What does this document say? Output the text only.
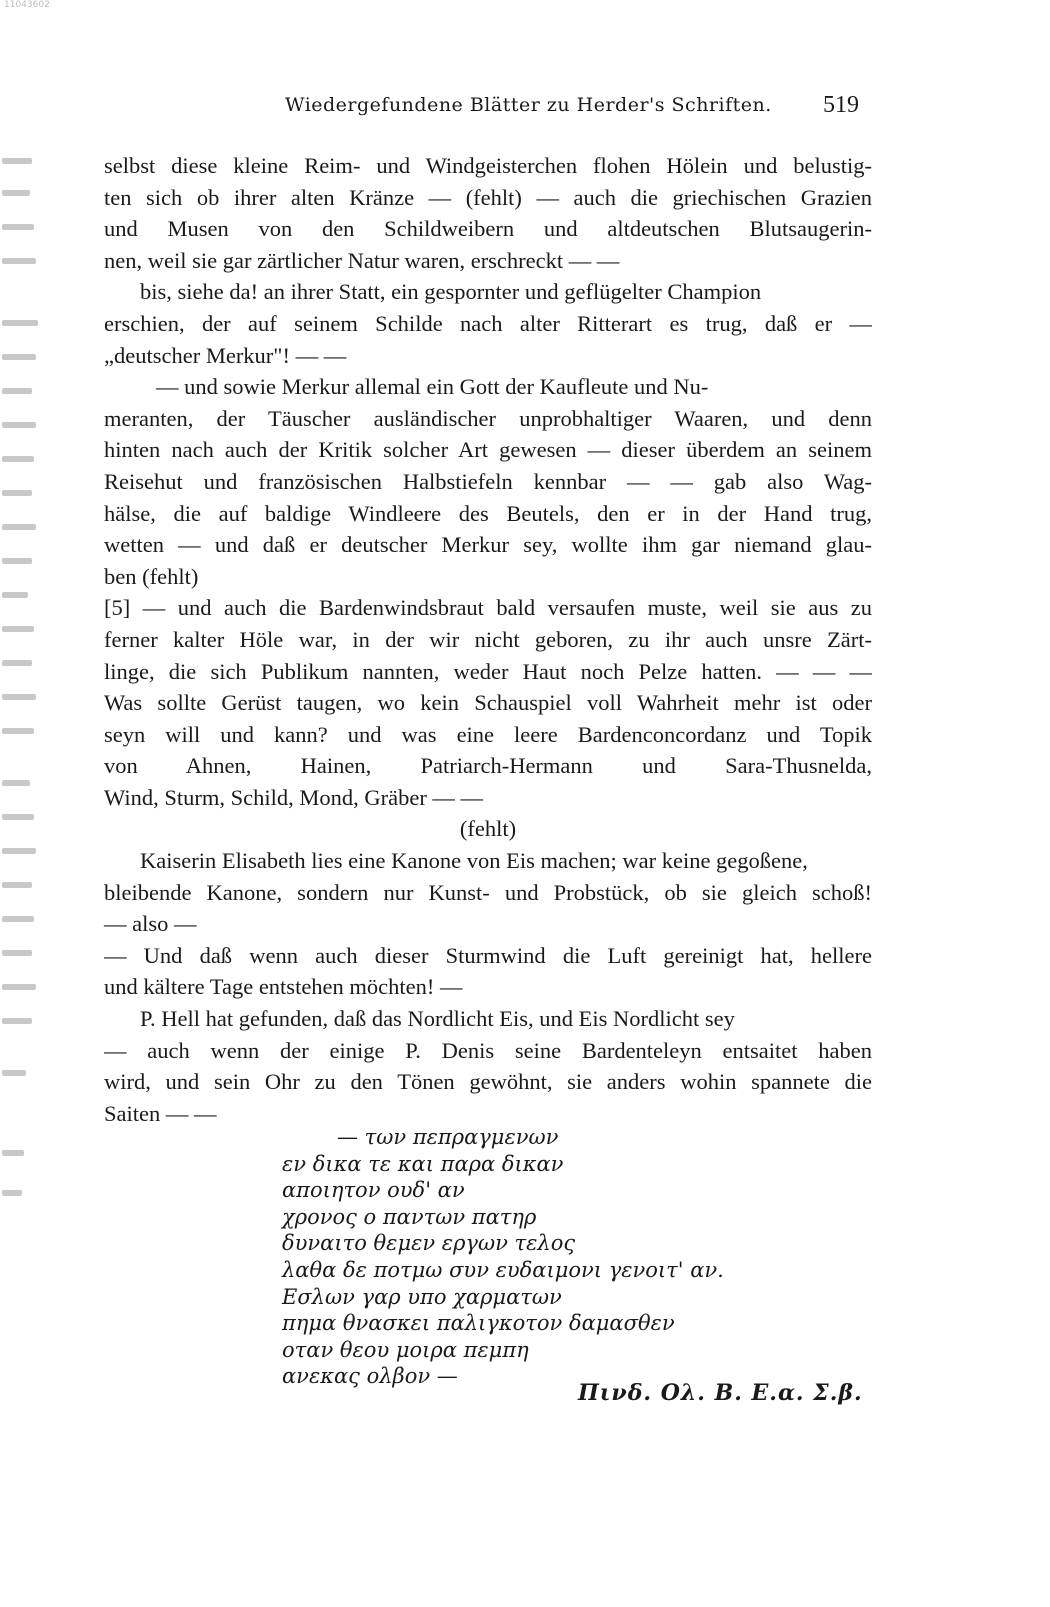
11043602
Wiedergefundene Blätter zu Herder's Schriften. 519
selbst diese kleine Reim- und Windgeisterchen flohen Hölein und belustig-
ten sich ob ihrer alten Kränze — (fehlt) — auch die griechischen Grazien
und Musen von den Schildweibern und altdeutschen Blutsaugerin-
nen, weil sie gar zärtlicher Natur waren, erschreckt — —
bis, siehe da! an ihrer Statt, ein gespornter und geflügelter Champion
erschien, der auf seinem Schilde nach alter Ritterart es trug, daß er —
„deutscher Merkur"! — —
— und sowie Merkur allemal ein Gott der Kaufleute und Nu-
meranten, der Täuscher ausländischer unprobhaltiger Waaren, und denn
hinten nach auch der Kritik solcher Art gewesen — dieser überdem an seinem
Reisehut und französischen Halbstiefeln kennbar — — gab also Wag-
hälse, die auf baldige Windleere des Beutels, den er in der Hand trug,
wetten — und daß er deutscher Merkur sey, wollte ihm gar niemand glau-
ben (fehlt)
[5] — und auch die Bardenwindsbraut bald versaufen muste, weil sie aus zu
ferner kalter Höle war, in der wir nicht geboren, zu ihr auch unsre Zärt-
linge, die sich Publikum nannten, weder Haut noch Pelze hatten. — — —
Was sollte Gerüst taugen, wo kein Schauspiel voll Wahrheit mehr ist oder
seyn will und kann? und was eine leere Bardenconcordanz und Topik
von Ahnen, Hainen, Patriarch-Hermann und Sara-Thusnelda,
Wind, Sturm, Schild, Mond, Gräber — —
(fehlt)
Kaiserin Elisabeth lies eine Kanone von Eis machen; war keine gegoßene,
bleibende Kanone, sondern nur Kunst- und Probstück, ob sie gleich schoß!
— also —
— Und daß wenn auch dieser Sturmwind die Luft gereinigt hat, hellere
und kältere Tage entstehen möchten! —
P. Hell hat gefunden, daß das Nordlicht Eis, und Eis Nordlicht sey
— auch wenn der einige P. Denis seine Bardenteleyn entsaitet haben
wird, und sein Ohr zu den Tönen gewöhnt, sie anders wohin spannete die
Saiten — —
— των πεπραγμενων
εν δικα τε και παρα δικαν
αποιητον ουδ' αν
χρονος ο παντων πατηρ
δυναιτο θεμεν εργων τελος
λαθα δε ποτμω συν ευδαιμονι γενοιτ' αν.
Εσλων γαρ υπο χαρματων
πημα θνασκει παλιγκοτον δαμασθεν
οταν θεου μοιρα πεμπη
ανεκας ολβον —
Πινδ. Ολ. Β. Ε.α. Σ.β.
